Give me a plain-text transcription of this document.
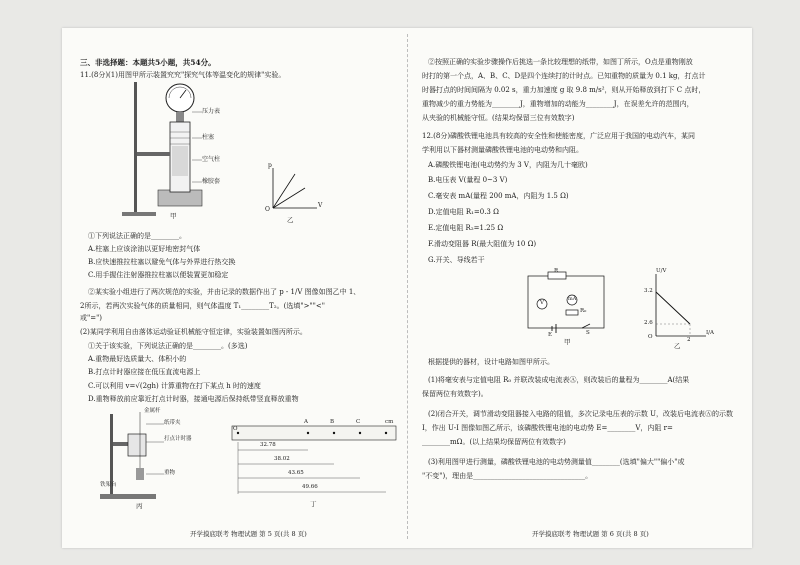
三、非选择题：本题共5小题，共54分。
11.(8分)(1)用图甲所示装置究究"探究气体等温变化的规律"实验。
压力表
柱塞
空气柱
橡胶套
甲
p
V
O
乙
①下列说法正确的是________。
A.柱塞上应该涂油以更好地密封气体
B.应快速推拉柱塞以避免气体与外界进行热交换
C.用手握住注射器推拉柱塞以便装置更加稳定
②某实验小组进行了两次规范的实验，并由记录的数据作出了 p - 1/V 图像如图乙中 1、
2所示，若两次实验气体的质量相同，则气体温度 T₁________T₂。(选填">""<"
或"=")
(2)某同学利用自由落体运动验证机械能守恒定律，实验装置如图丙所示。
①关于该实验，下列说法正确的是________。(多选)
A.重物最好选质量大、体积小的
B.打点计时器应接在低压直流电源上
C.可以利用 v=√(2gh) 计算重物在打下某点 h 时的速度
D.重物释放前应靠近打点计时器，接通电源后保持纸带竖直释放重物
金属杆
纸带夹
打点计时器
重物
铁架台
丙
O
A	B	C	cm
32.78
38.02
43.65
49.66
丁
开学摸底联考 物理试题 第 5 页(共 8 页)
②按照正确的实验步骤操作后挑选一条比较理想的纸带，如图丁所示，O点是重物刚放
时打的第一个点，A、B、C、D是四个连续打的计时点。已知重物的质量为 0.1 kg，打点计
时器打点的时间间隔为 0.02 s，重力加速度 g 取 9.8 m/s²，则从开始释放到打下 C 点时，
重物减少的重力势能为________J，重物增加的动能为________J，在误差允许的范围内，
从夹验的机械能守恒。(结果均保留三位有效数字)
12.(8分)磷酸铁锂电池具有较高的安全性和使能密度，广泛应用于我国的电动汽车，某同
学利用以下器材测量磷酸铁锂电池的电动势和内阻。
A.磷酸铁锂电池(电动势约为 3 V，内阻为几十毫欧)
B.电压表 V(量程 0~3 V)
C.毫安表 mA(量程 200 mA，内阻为 1.5 Ω)
D.定值电阻 R₁=0.3 Ω
E.定值电阻 R₂=1.25 Ω
F.滑动变阻器 R(最大阻值为 10 Ω)
G.开关、导线若干
R
V
mA
R₀
E	S
甲
U/V
3.2
2.6
O	2
I/A
乙
根据提供的器材，设计电路如图甲所示。
(1)将毫安表与定值电阻 R₀ 并联改装成电流表Ⓐ，则改装后的量程为________A(结果
保留两位有效数字)。
(2)闭合开关，调节滑动变阻器接入电路的阻值，多次记录电压表的示数 U，改装后电流表Ⓐ的示数
I，作出 U-I 图像如图乙所示，该磷酸铁锂电池的电动势 E=________V，内阻 r=
________mΩ。(以上结果均保留两位有效数字)
(3)利用图甲进行测量，磷酸铁锂电池的电动势测量值________(选填"偏大""偏小"或
"不变")，理由是________________________________。
开学摸底联考 物理试题 第 6 页(共 8 页)
